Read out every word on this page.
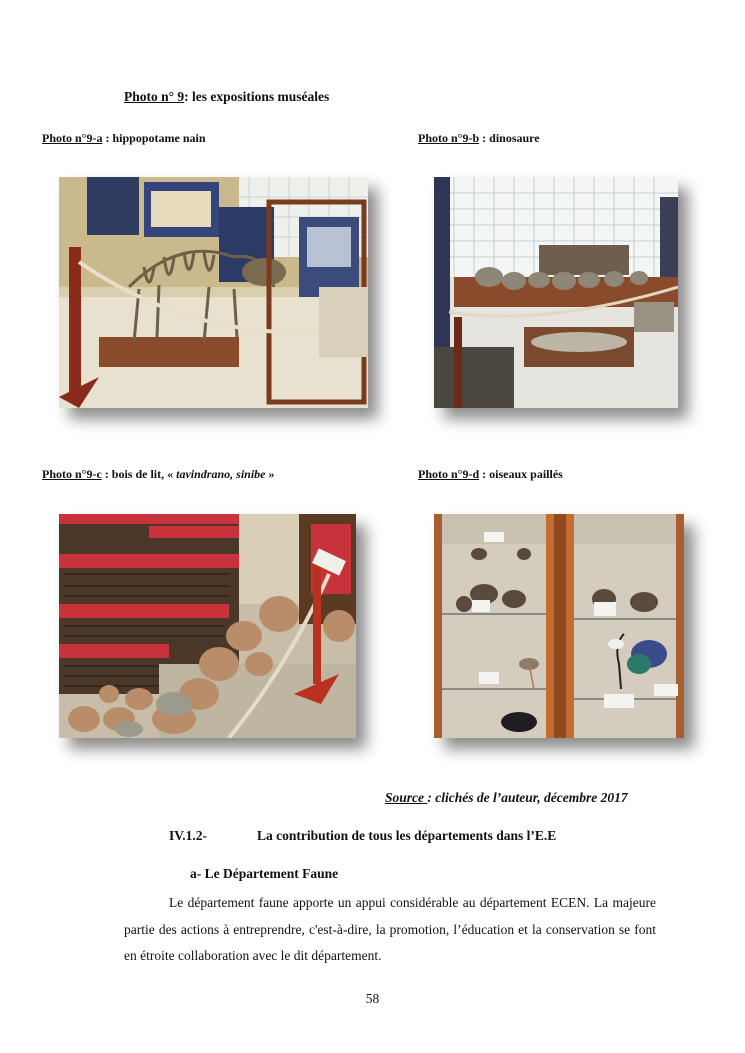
Photo n° 9: les expositions muséales
Photo n°9-a : hippopotame nain	Photo n°9-b : dinosaure
Photo n°9-c : bois de lit, « tavindrano, sinibe »	Photo n°9-d : oiseaux paillés
Source : clichés de l’auteur, décembre 2017
IV.1.2-	La contribution de tous les départements dans l’E.E
a- Le Département Faune
Le département faune apporte un appui considérable au département ECEN. La majeure partie des actions à entreprendre, c'est-à-dire, la promotion, l’éducation et la conservation se font en étroite collaboration avec le dit département.
58
